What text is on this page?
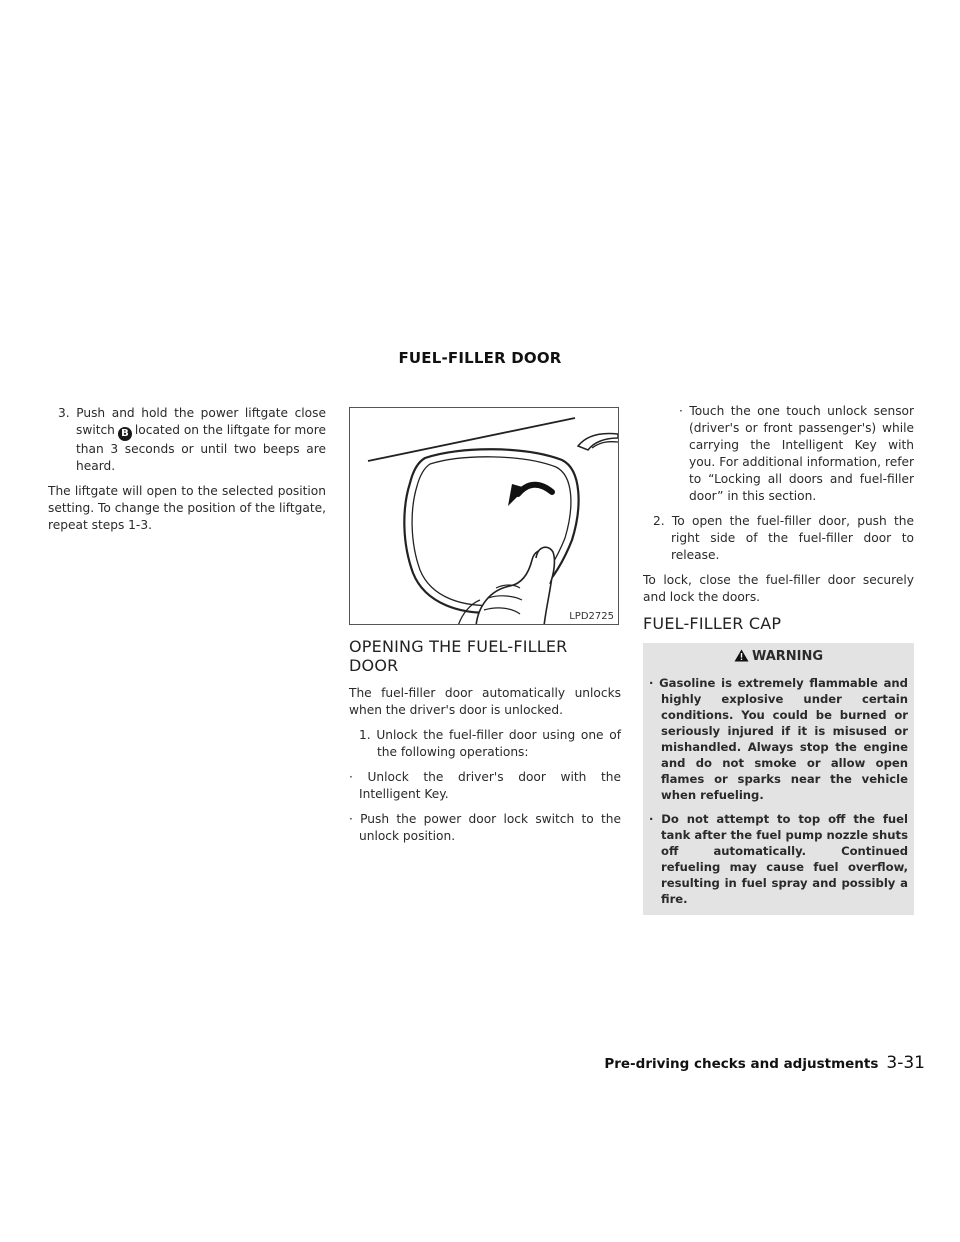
FUEL-FILLER DOOR

3. Push and hold the power liftgate close switch B located on the liftgate for more than 3 seconds or until two beeps are heard.

The liftgate will open to the selected position setting. To change the position of the liftgate, repeat steps 1-3.

LPD2725
OPENING THE FUEL-FILLER DOOR

The fuel-filler door automatically unlocks when the driver's door is unlocked.

1. Unlock the fuel-filler door using one of the following operations:

· Unlock the driver's door with the Intelligent Key.

· Push the power door lock switch to the unlock position.

· Touch the one touch unlock sensor (driver's or front passenger's) while carrying the Intelligent Key with you. For additional information, refer to “Locking all doors and fuel-filler door” in this section.

2. To open the fuel-filler door, push the right side of the fuel-filler door to release.

To lock, close the fuel-filler door securely and lock the doors.

FUEL-FILLER CAP
WARNING

· Gasoline is extremely flammable and highly explosive under certain conditions. You could be burned or seriously injured if it is misused or mishandled. Always stop the engine and do not smoke or allow open flames or sparks near the vehicle when refueling.

· Do not attempt to top off the fuel tank after the fuel pump nozzle shuts off automatically. Continued refueling may cause fuel overflow, resulting in fuel spray and possibly a fire.

Pre-driving checks and adjustments 3-31
